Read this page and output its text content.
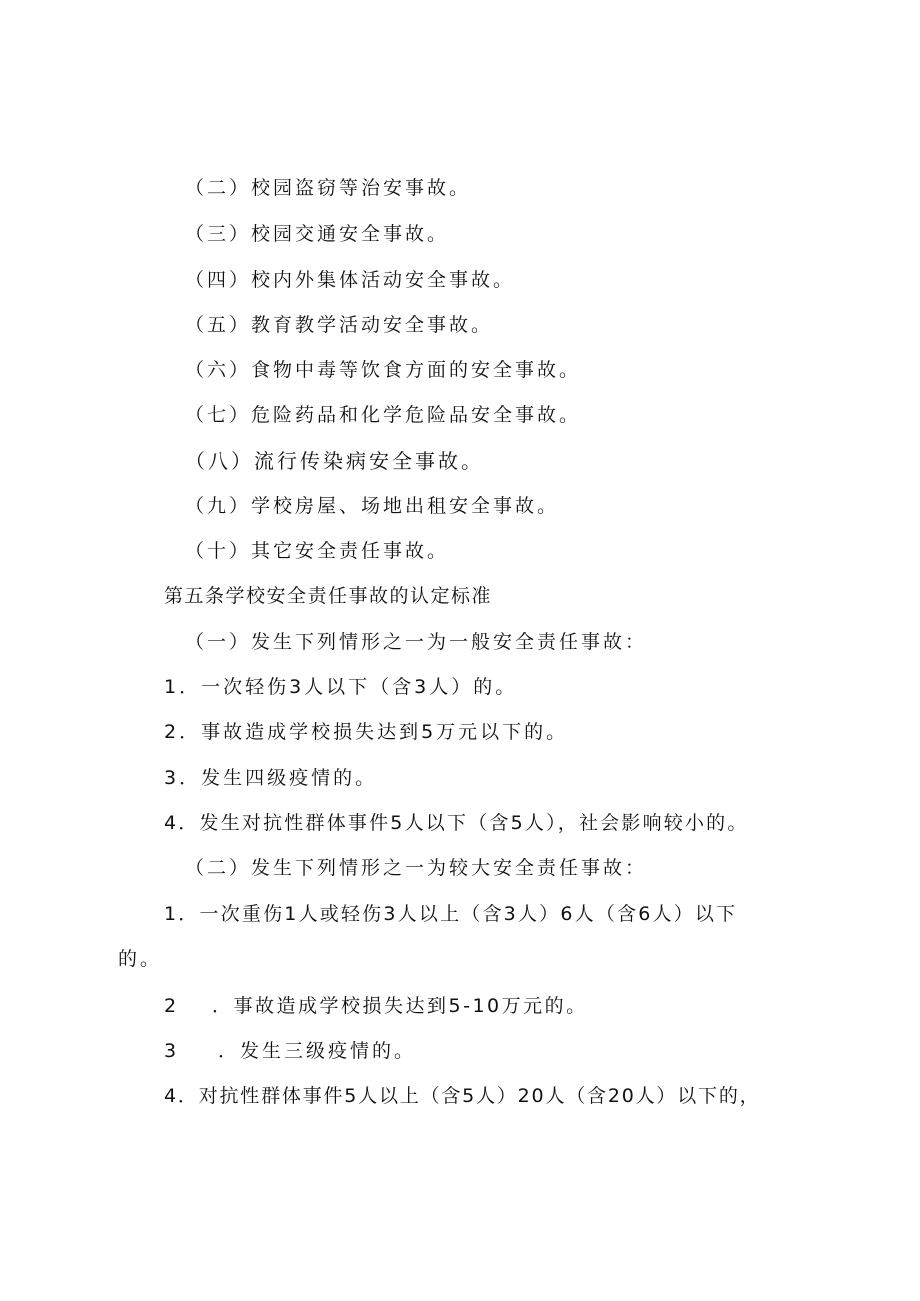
（二）校园盗窃等治安事故。
（三）校园交通安全事故。
（四）校内外集体活动安全事故。
（五）教育教学活动安全事故。
（六）食物中毒等饮食方面的安全事故。
（七）危险药品和化学危险品安全事故。
（八）流行传染病安全事故。
（九）学校房屋、场地出租安全事故。
（十）其它安全责任事故。
第五条学校安全责任事故的认定标准
（一）发生下列情形之一为一般安全责任事故：
1．一次轻伤3人以下（含3人）的。
2．事故造成学校损失达到5万元以下的。
3．发生四级疫情的。
4．发生对抗性群体事件5人以下（含5人），社会影响较小的。
（二）发生下列情形之一为较大安全责任事故：
1．一次重伤1人或轻伤3人以上（含3人）6人（含6人）以下
的。
2 ．事故造成学校损失达到5-10万元的。
3 ．发生三级疫情的。
4．对抗性群体事件5人以上（含5人）20人（含20人）以下的，
